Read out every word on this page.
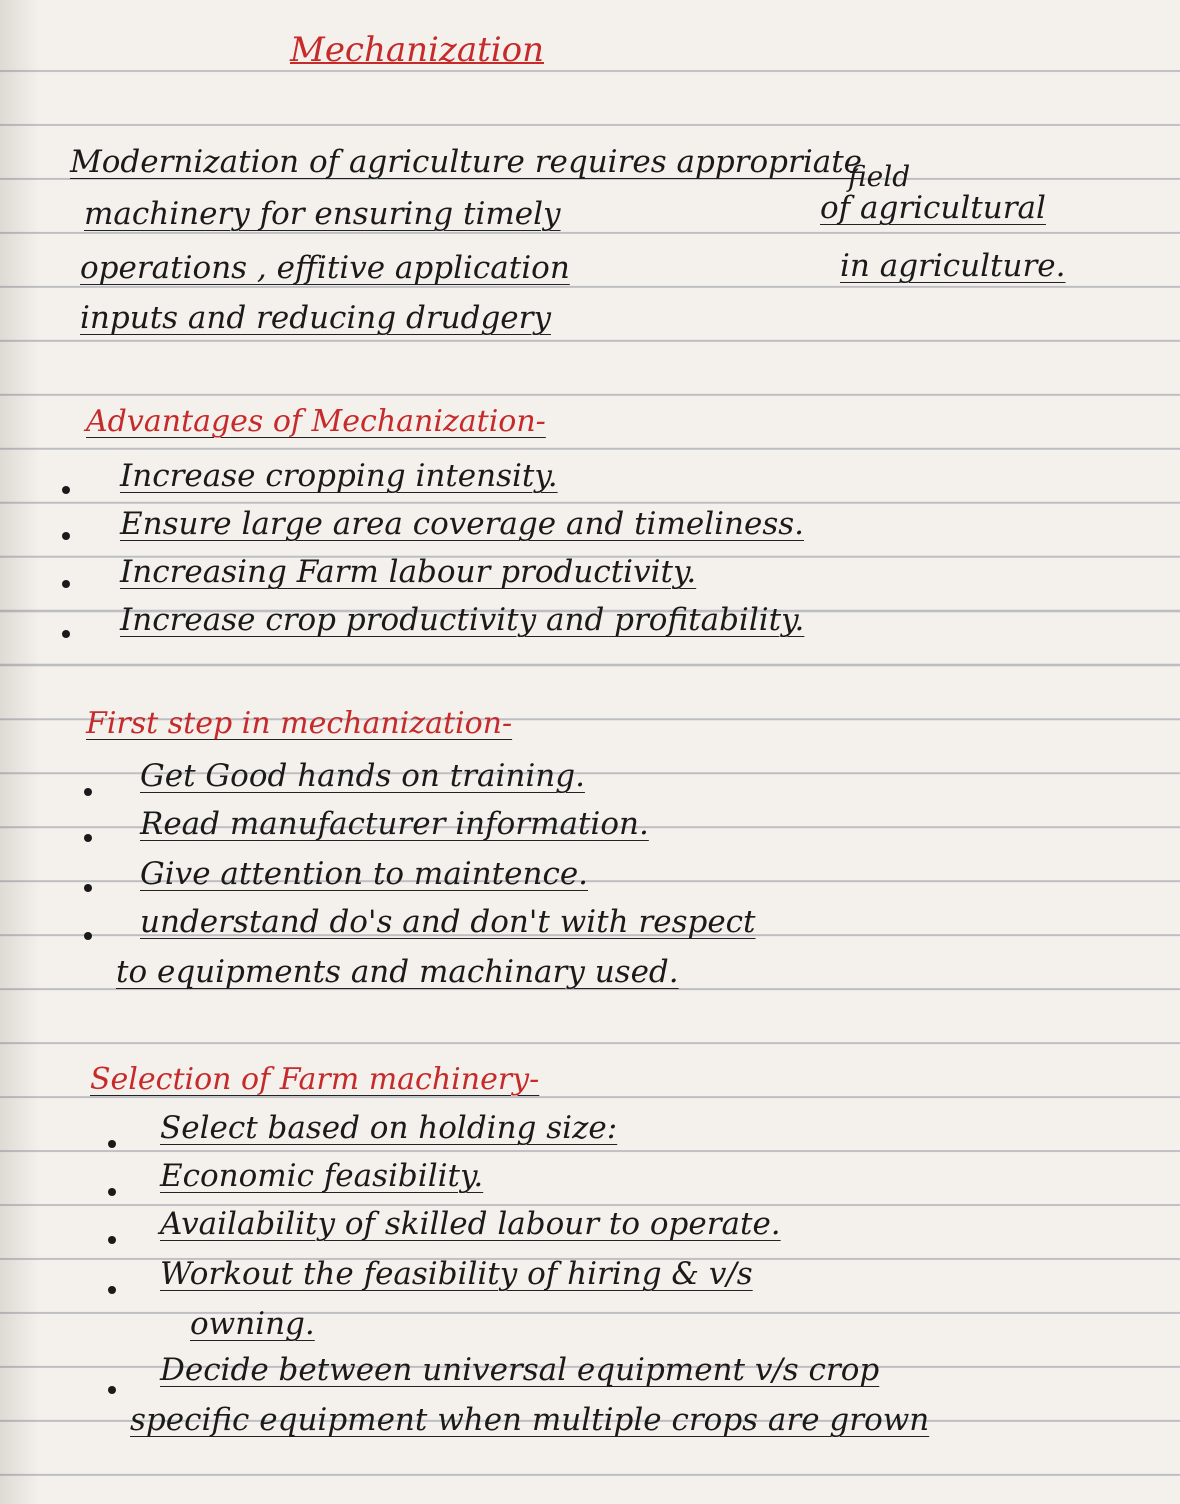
Mechanization
Modernization of agriculture requires appropriate
field
machinery for ensuring timely	of agricultural
operations , effitive application	in agriculture.
inputs and reducing drudgery
Advantages of Mechanization-
Increase cropping intensity.
Ensure large area coverage and timeliness.
Increasing Farm labour productivity.
Increase crop productivity and profitability.
First step in mechanization-
Get Good hands on training.
Read manufacturer information.
Give attention to maintence.
understand do's and don't with respect
to equipments and machinary used.
Selection of Farm machinery-
Select based on holding size:
Economic feasibility.
Availability of skilled labour to operate.
Workout the feasibility of hiring & v/s
owning.
Decide between universal equipment v/s crop
specific equipment when multiple crops are grown
